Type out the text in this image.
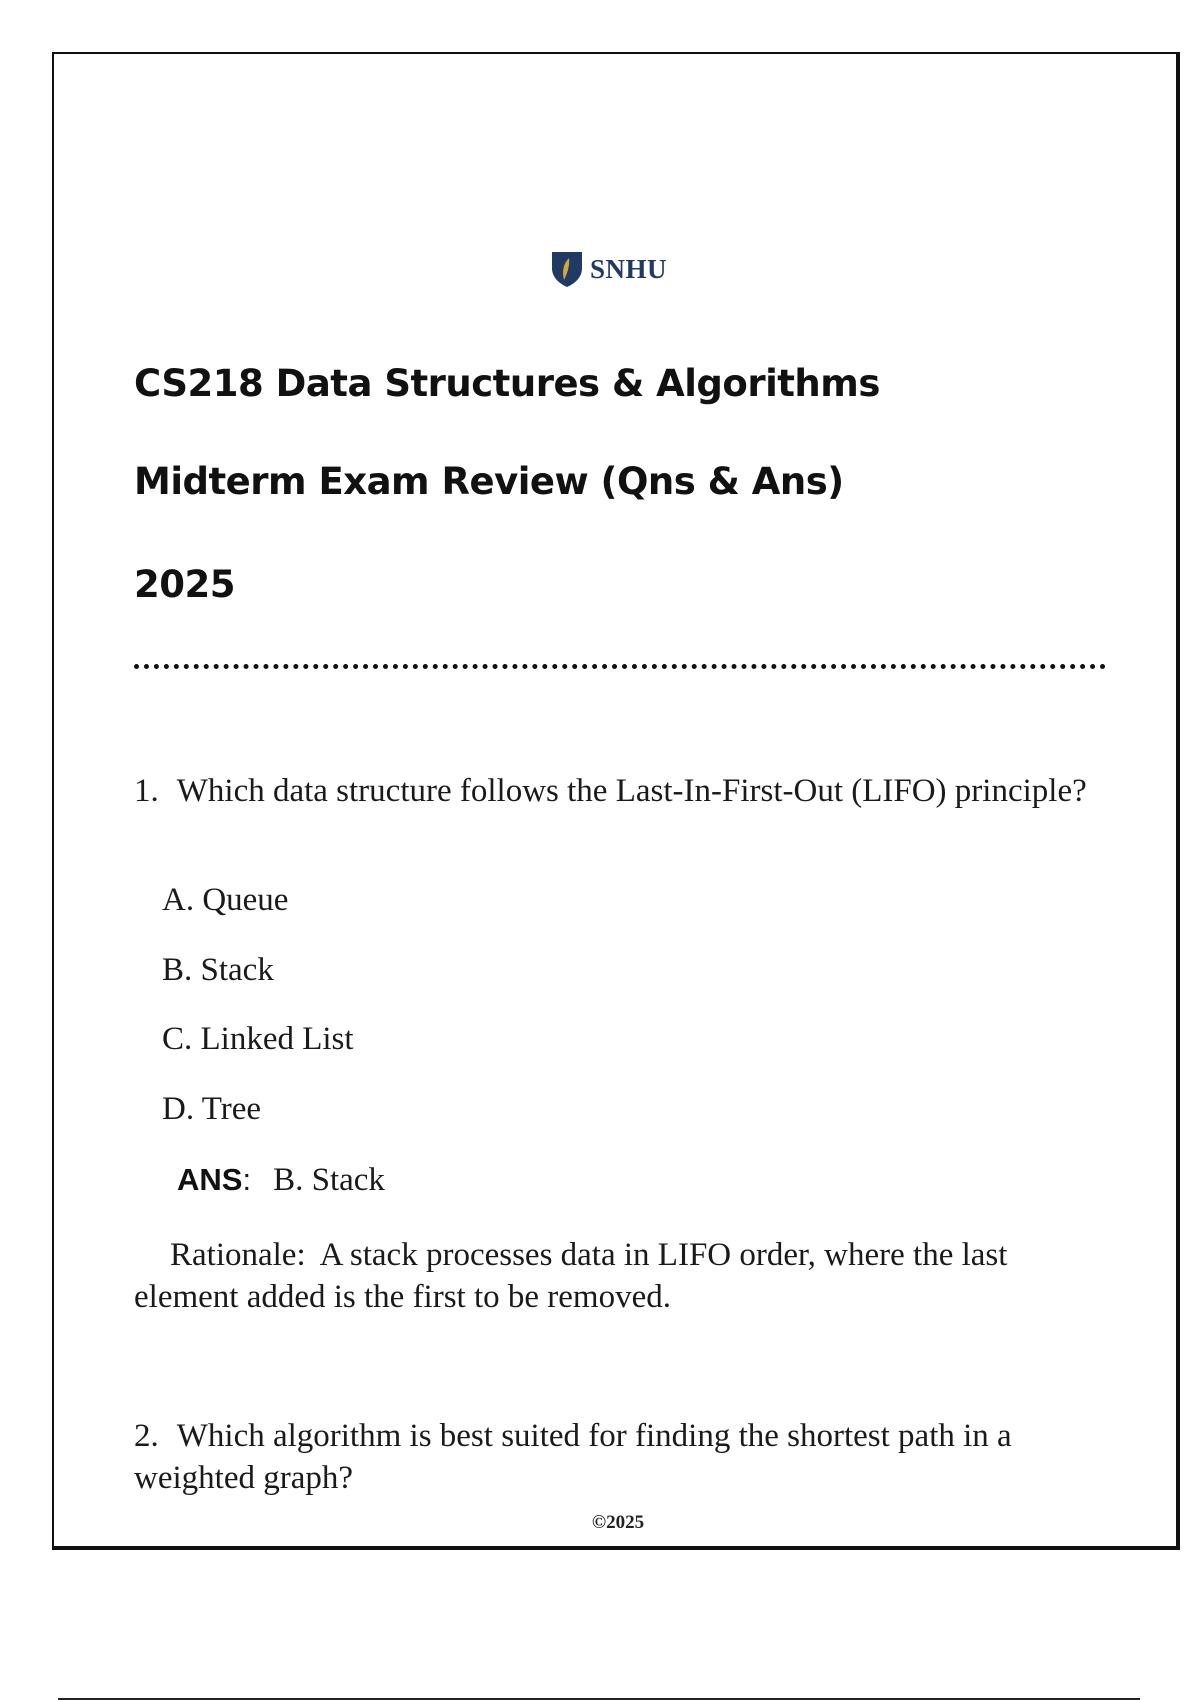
SNHU
CS218 Data Structures & Algorithms
Midterm Exam Review (Qns & Ans)
2025
1. Which data structure follows the Last-In-First-Out (LIFO) principle?
A. Queue
B. Stack
C. Linked List
D. Tree
ANS: B. Stack
Rationale: A stack processes data in LIFO order, where the last element added is the first to be removed.
2. Which algorithm is best suited for finding the shortest path in a weighted graph?
©2025
